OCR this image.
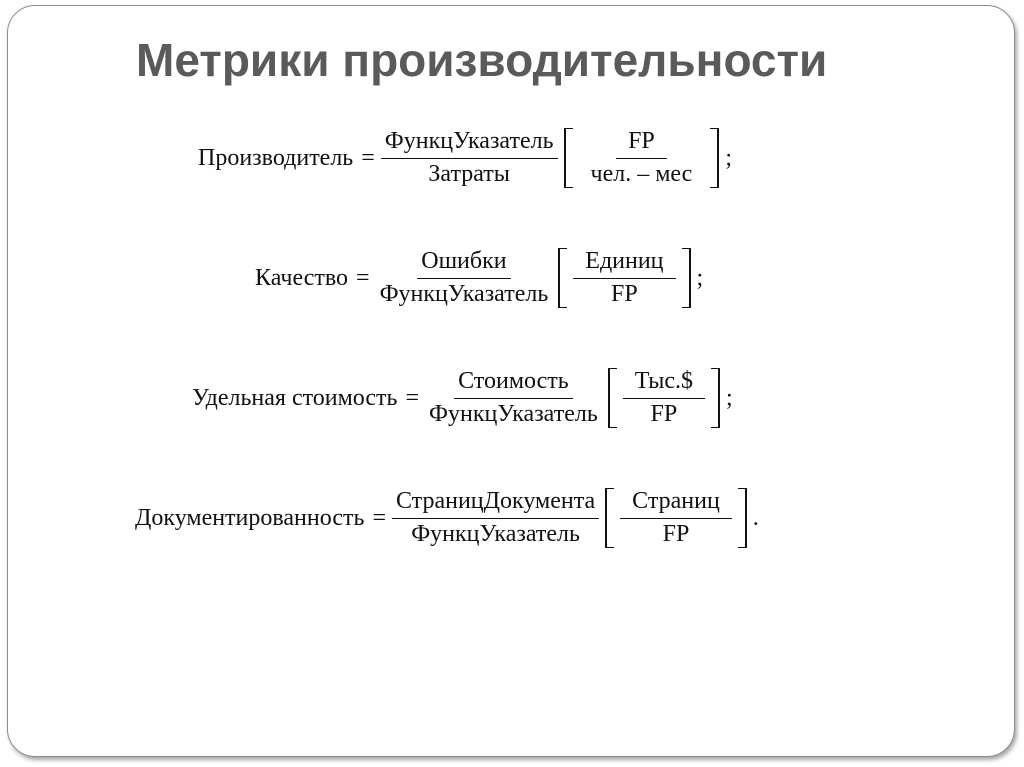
Метрики производительности
Производитель = $\frac{\text{ФункцУказатель}}{\text{Затраты}} \frac{FP}{\text{чел. – мес}}$ ;
Качество = $\frac{\text{Ошибки}}{\text{ФункцУказатель}} \frac{\text{Единиц}}{FP}$ ;
Удельная стоимость = $\frac{\text{Стоимость}}{\text{ФункцУказатель}} \frac{\text{Тыс.\$}}{FP}$ ;
Документированность = $\frac{\text{СтраницДокумента}}{\text{ФункцУказатель}} \frac{\text{Страниц}}{FP}$ .
